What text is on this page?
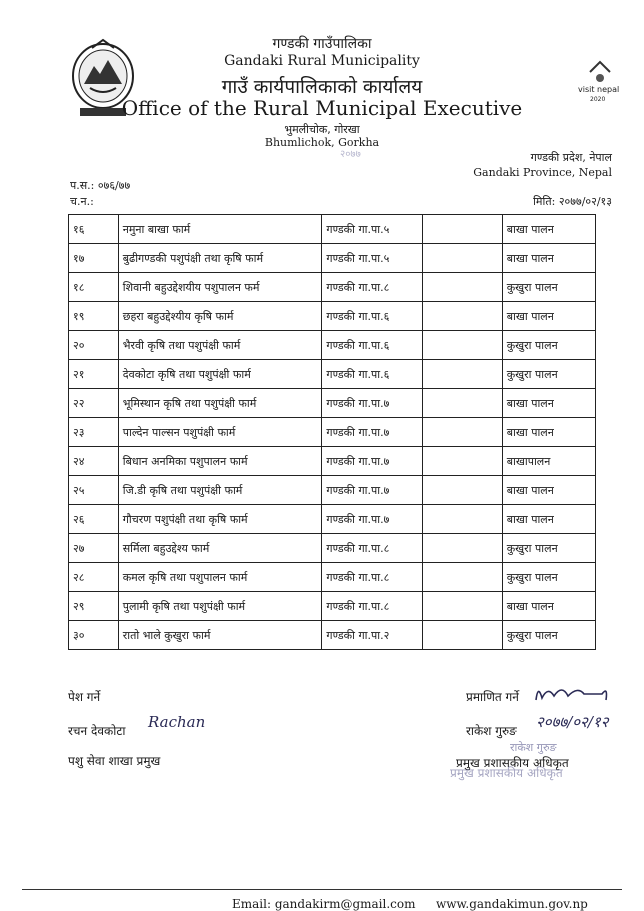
visit nepal
2020
गण्डकी गाउँपालिका
Gandaki Rural Municipality
गाउँ कार्यपालिकाको कार्यालय
Office of the Rural Municipal Executive
भुमलीचोक, गोरखा
Bhumlichok, Gorkha
२०७७	गण्डकी प्रदेश, नेपाल
Gandaki Province, Nepal
प.स.: ०७६/७७
च.न.:	मिति: २०७७/०२/१३
१६	नमुना बाखा फार्म	गण्डकी गा.पा.५		बाखा पालन
१७	बुढीगण्डकी पशुपंक्षी तथा कृषि फार्म	गण्डकी गा.पा.५		बाखा पालन
१८	शिवानी बहुउद्देशयीय पशुपालन फर्म	गण्डकी गा.पा.८		कुखुरा पालन
१९	छहरा बहुउद्देश्यीय कृषि फार्म	गण्डकी गा.पा.६		बाखा पालन
२०	भैरवी कृषि तथा पशुपंक्षी फार्म	गण्डकी गा.पा.६		कुखुरा पालन
२१	देवकोटा कृषि तथा पशुपंक्षी फार्म	गण्डकी गा.पा.६		कुखुरा पालन
२२	भूमिस्थान कृषि तथा पशुपंक्षी फार्म	गण्डकी गा.पा.७		बाखा पालन
२३	पाल्देन पाल्सन पशुपंक्षी फार्म	गण्डकी गा.पा.७		बाखा पालन
२४	बिधान अनमिका पशुपालन फार्म	गण्डकी गा.पा.७		बाखापालन
२५	जि.डी कृषि तथा पशुपंक्षी फार्म	गण्डकी गा.पा.७		बाखा पालन
२६	गौचरण पशुपंक्षी तथा कृषि फार्म	गण्डकी गा.पा.७		बाखा पालन
२७	सर्मिला बहुउद्देश्य फार्म	गण्डकी गा.पा.८		कुखुरा पालन
२८	कमल कृषि तथा पशुपालन फार्म	गण्डकी गा.पा.८		कुखुरा पालन
२९	पुलामी कृषि तथा पशुपंक्षी फार्म	गण्डकी गा.पा.८		बाखा पालन
३०	रातो भाले कुखुरा फार्म	गण्डकी गा.पा.२		कुखुरा पालन
पेश गर्ने
रचन देवकोटा Rachan
पशु सेवा शाखा प्रमुख
प्रमाणित गर्ने
राकेश गुरुङ २०७७/०२/१२
राकेश गुरुङ
प्रमुख प्रशासकीय अधिकृत
प्रमुख प्रशासकीय अधिकृत
Email: gandakirm@gmail.com www.gandakimun.gov.np
